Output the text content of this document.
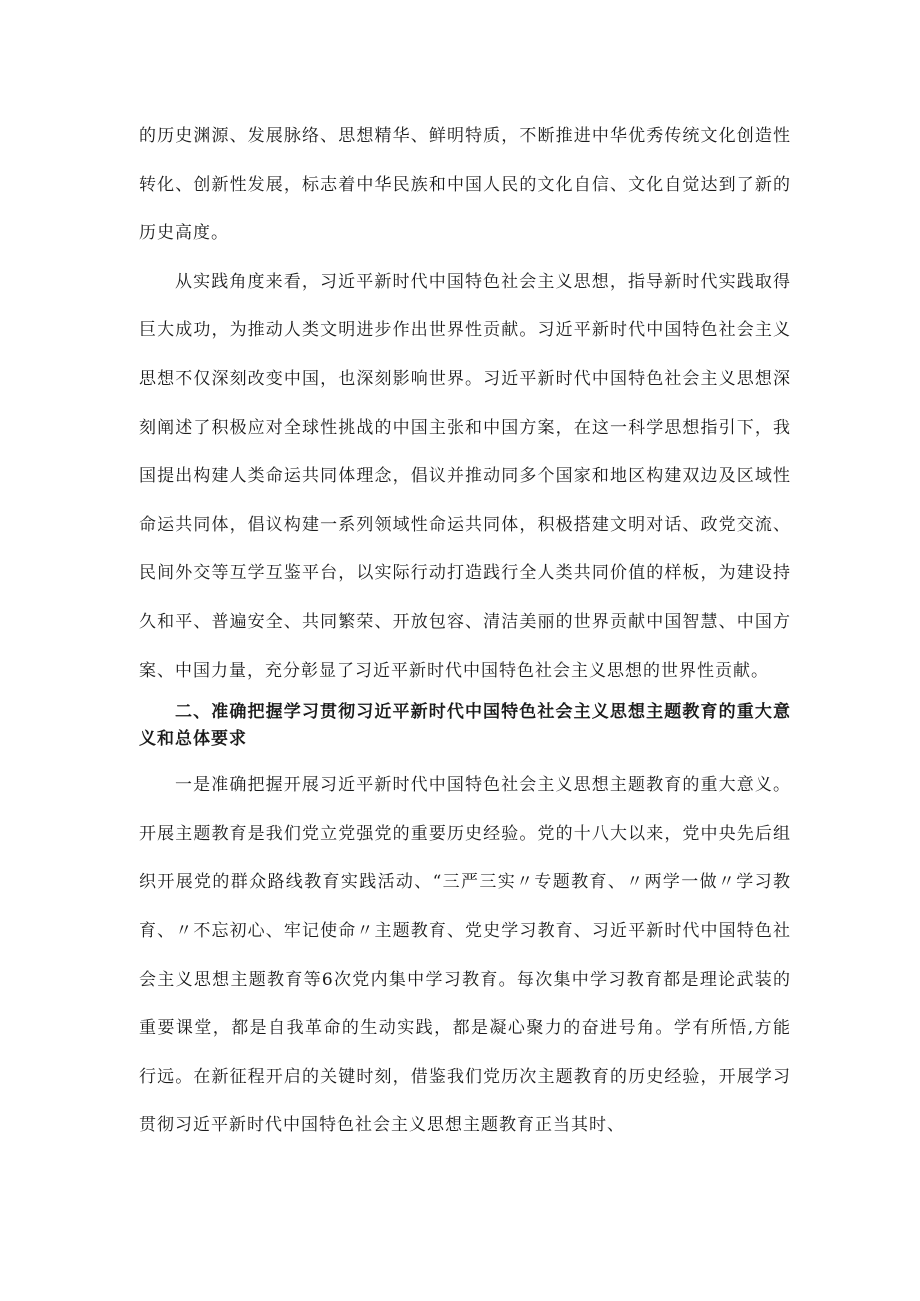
的历史渊源、发展脉络、思想精华、鲜明特质，不断推进中华优秀传统文化创造性转化、创新性发展，标志着中华民族和中国人民的文化自信、文化自觉达到了新的历史高度。

从实践角度来看，习近平新时代中国特色社会主义思想，指导新时代实践取得巨大成功，为推动人类文明进步作出世界性贡献。习近平新时代中国特色社会主义思想不仅深刻改变中国，也深刻影响世界。习近平新时代中国特色社会主义思想深刻阐述了积极应对全球性挑战的中国主张和中国方案，在这一科学思想指引下，我国提出构建人类命运共同体理念，倡议并推动同多个国家和地区构建双边及区域性命运共同体，倡议构建一系列领域性命运共同体，积极搭建文明对话、政党交流、民间外交等互学互鉴平台，以实际行动打造践行全人类共同价值的样板，为建设持久和平、普遍安全、共同繁荣、开放包容、清洁美丽的世界贡献中国智慧、中国方案、中国力量，充分彰显了习近平新时代中国特色社会主义思想的世界性贡献。

二、准确把握学习贯彻习近平新时代中国特色社会主义思想主题教育的重大意义和总体要求

一是准确把握开展习近平新时代中国特色社会主义思想主题教育的重大意义。开展主题教育是我们党立党强党的重要历史经验。党的十八大以来，党中央先后组织开展党的群众路线教育实践活动、“三严三实〃专题教育、〃两学一做〃学习教育、〃不忘初心、牢记使命〃主题教育、党史学习教育、习近平新时代中国特色社会主义思想主题教育等6次党内集中学习教育。每次集中学习教育都是理论武装的重要课堂，都是自我革命的生动实践，都是凝心聚力的奋进号角。学有所悟,方能行远。在新征程开启的关键时刻，借鉴我们党历次主题教育的历史经验，开展学习贯彻习近平新时代中国特色社会主义思想主题教育正当其时、
